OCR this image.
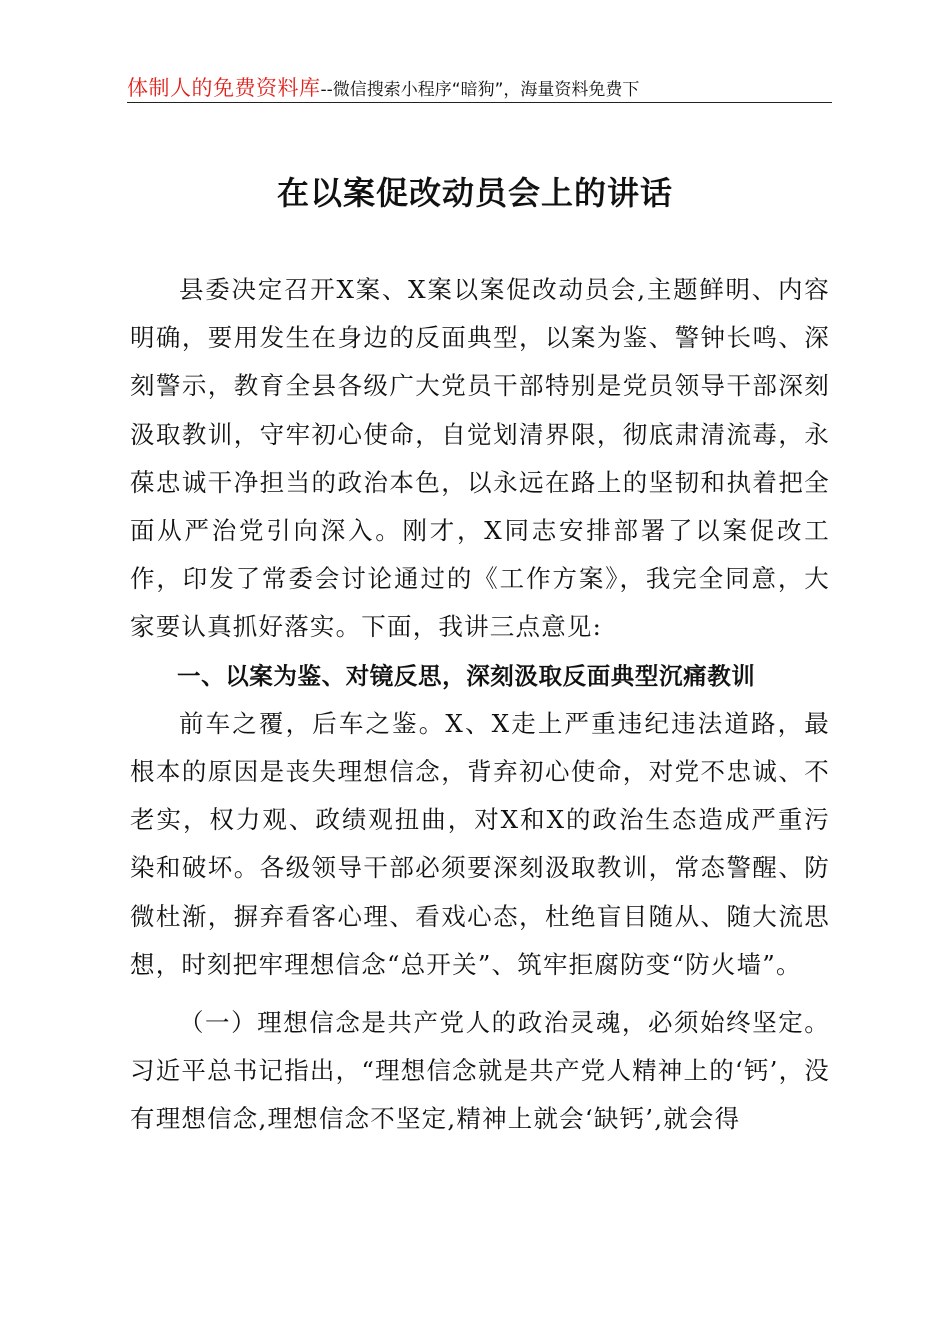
体制人的免费资料库--微信搜索小程序“暗狗”，海量资料免费下
在以案促改动员会上的讲话

县委决定召开X案、X案以案促改动员会,主题鲜明、内容明确，要用发生在身边的反面典型，以案为鉴、警钟长鸣、深刻警示，教育全县各级广大党员干部特别是党员领导干部深刻汲取教训，守牢初心使命，自觉划清界限，彻底肃清流毒，永葆忠诚干净担当的政治本色，以永远在路上的坚韧和执着把全面从严治党引向深入。刚才，X同志安排部署了以案促改工作，印发了常委会讨论通过的《工作方案》，我完全同意，大家要认真抓好落实。下面，我讲三点意见:

一、以案为鉴、对镜反思，深刻汲取反面典型沉痛教训

前车之覆，后车之鉴。X、X走上严重违纪违法道路，最根本的原因是丧失理想信念，背弃初心使命，对党不忠诚、不老实，权力观、政绩观扭曲，对X和X的政治生态造成严重污染和破坏。各级领导干部必须要深刻汲取教训，常态警醒、防微杜渐，摒弃看客心理、看戏心态，杜绝盲目随从、随大流思想，时刻把牢理想信念“总开关”、筑牢拒腐防变“防火墙”。

（一）理想信念是共产党人的政治灵魂，必须始终坚定。习近平总书记指出，“理想信念就是共产党人精神上的‘钙’，没有理想信念,理想信念不坚定,精神上就会‘缺钙’,就会得
